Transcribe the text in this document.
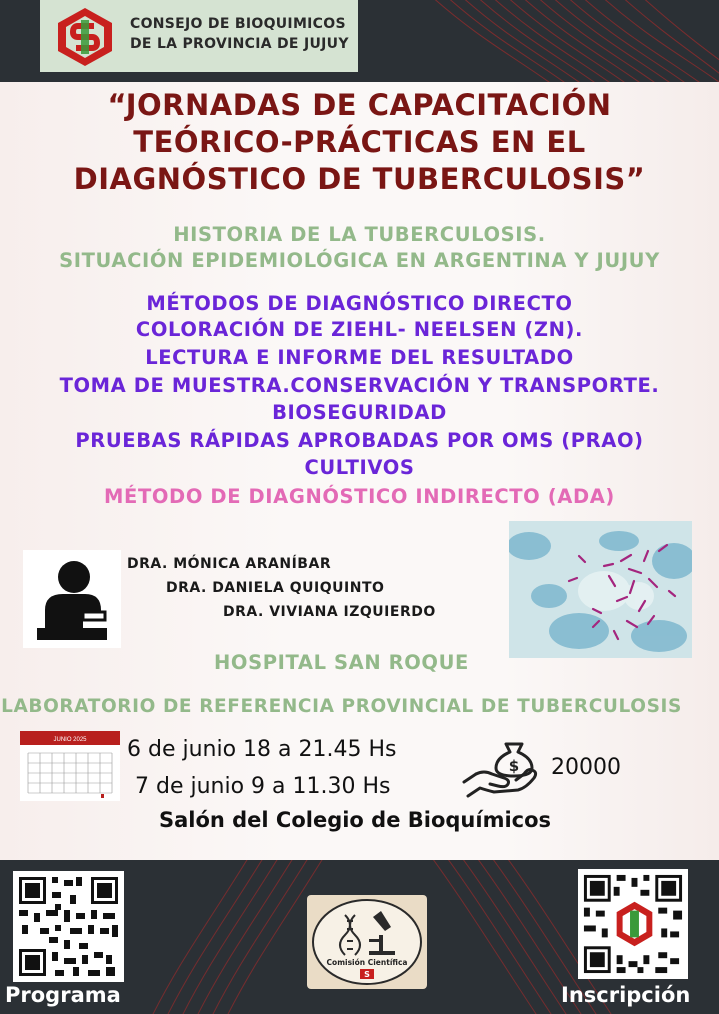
CONSEJO DE BIOQUIMICOS
DE LA PROVINCIA DE JUJUY
“JORNADAS DE CAPACITACIÓN
TEÓRICO-PRÁCTICAS EN EL
DIAGNÓSTICO DE TUBERCULOSIS”
HISTORIA DE LA TUBERCULOSIS.
SITUACIÓN EPIDEMIOLÓGICA EN ARGENTINA Y JUJUY
MÉTODOS DE DIAGNÓSTICO DIRECTO
COLORACIÓN DE ZIEHL- NEELSEN (ZN).
LECTURA E INFORME DEL RESULTADO
TOMA DE MUESTRA.CONSERVACIÓN Y TRANSPORTE.
BIOSEGURIDAD
PRUEBAS RÁPIDAS APROBADAS POR OMS (PRAO)
CULTIVOS
MÉTODO DE DIAGNÓSTICO INDIRECTO (ADA)
DRA. MÓNICA ARANÍBAR
DRA. DANIELA QUIQUINTO
DRA. VIVIANA IZQUIERDO
HOSPITAL SAN ROQUE
LABORATORIO DE REFERENCIA PROVINCIAL DE TUBERCULOSIS
JUNIO 2025 6 de junio 18 a 21.45 Hs
7 de junio 9 a 11.30 Hs
$ 20000
Salón del Colegio de Bioquímicos
Programa
Comisión Científica
S
Inscripción
